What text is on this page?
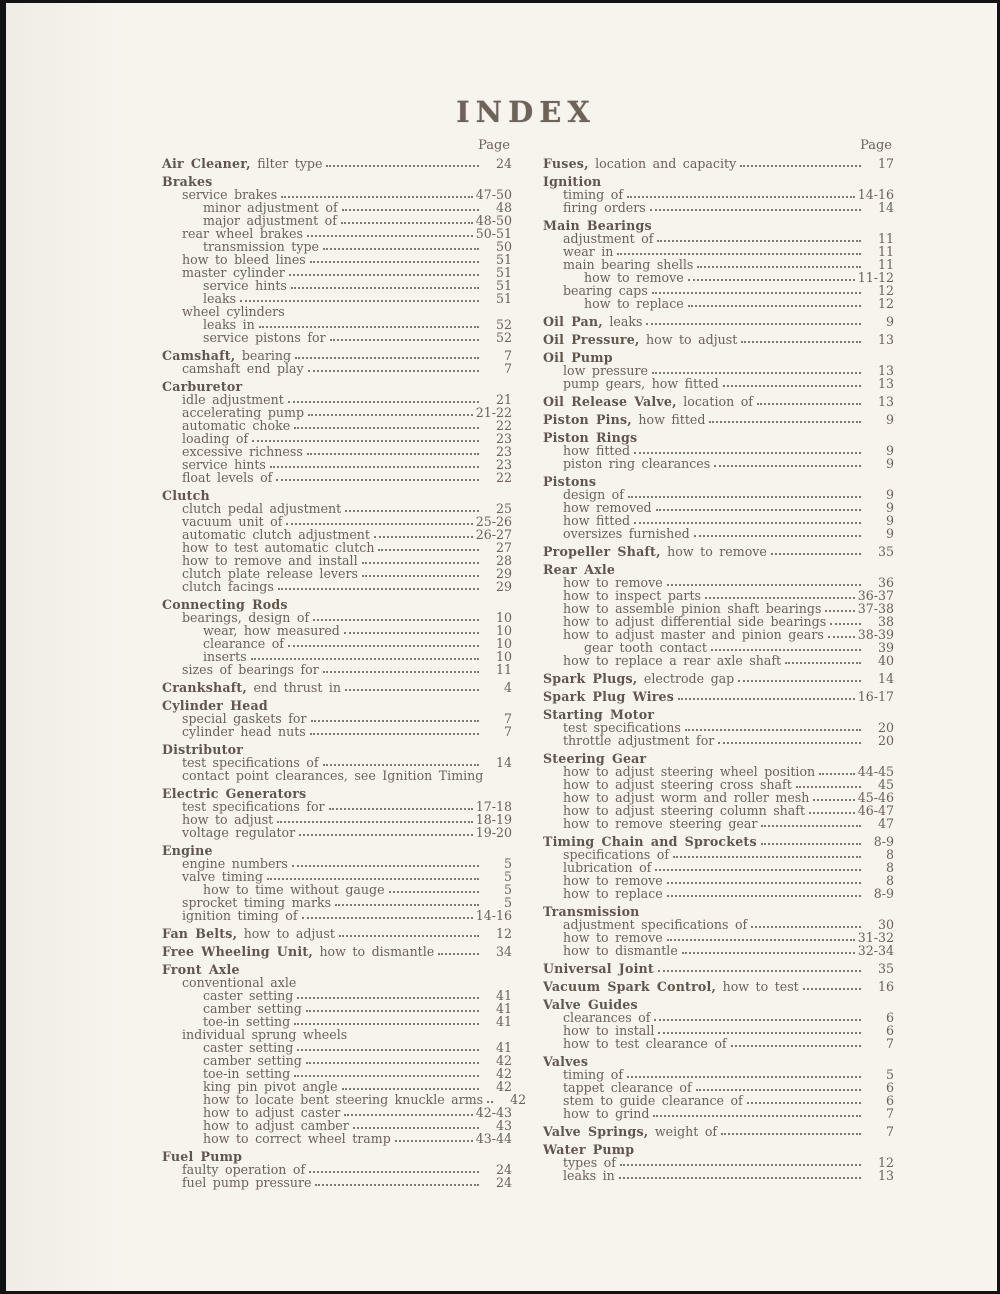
INDEX
Page
Air Cleaner, filter type	24
Brakes
service brakes	47-50
minor adjustment of	48
major adjustment of	48-50
rear wheel brakes	50-51
transmission type	50
how to bleed lines	51
master cylinder	51
service hints	51
leaks	51
wheel cylinders
leaks in	52
service pistons for	52
Camshaft, bearing	7
camshaft end play	7
Carburetor
idle adjustment	21
accelerating pump	21-22
automatic choke	22
loading of	23
excessive richness	23
service hints	23
float levels of	22
Clutch
clutch pedal adjustment	25
vacuum unit of	25-26
automatic clutch adjustment	26-27
how to test automatic clutch	27
how to remove and install	28
clutch plate release levers	29
clutch facings	29
Connecting Rods
bearings, design of	10
wear, how measured	10
clearance of	10
inserts	10
sizes of bearings for	11
Crankshaft, end thrust in	4
Cylinder Head
special gaskets for	7
cylinder head nuts	7
Distributor
test specifications of	14
contact point clearances, see Ignition Timing
Electric Generators
test specifications for	17-18
how to adjust	18-19
voltage regulator	19-20
Engine
engine numbers	5
valve timing	5
how to time without gauge	5
sprocket timing marks	5
ignition timing of	14-16
Fan Belts, how to adjust	12
Free Wheeling Unit, how to dismantle	34
Front Axle
conventional axle
caster setting	41
camber setting	41
toe-in setting	41
individual sprung wheels
caster setting	41
camber setting	42
toe-in setting	42
king pin pivot angle	42
how to locate bent steering knuckle arms	42
how to adjust caster	42-43
how to adjust camber	43
how to correct wheel tramp	43-44
Fuel Pump
faulty operation of	24
fuel pump pressure	24
Page
Fuses, location and capacity	17
Ignition
timing of	14-16
firing orders	14
Main Bearings
adjustment of	11
wear in	11
main bearing shells	11
how to remove	11-12
bearing caps	12
how to replace	12
Oil Pan, leaks	9
Oil Pressure, how to adjust	13
Oil Pump
low pressure	13
pump gears, how fitted	13
Oil Release Valve, location of	13
Piston Pins, how fitted	9
Piston Rings
how fitted	9
piston ring clearances	9
Pistons
design of	9
how removed	9
how fitted	9
oversizes furnished	9
Propeller Shaft, how to remove	35
Rear Axle
how to remove	36
how to inspect parts	36-37
how to assemble pinion shaft bearings	37-38
how to adjust differential side bearings	38
how to adjust master and pinion gears	38-39
gear tooth contact	39
how to replace a rear axle shaft	40
Spark Plugs, electrode gap	14
Spark Plug Wires	16-17
Starting Motor
test specifications	20
throttle adjustment for	20
Steering Gear
how to adjust steering wheel position	44-45
how to adjust steering cross shaft	45
how to adjust worm and roller mesh	45-46
how to adjust steering column shaft	46-47
how to remove steering gear	47
Timing Chain and Sprockets	8-9
specifications of	8
lubrication of	8
how to remove	8
how to replace	8-9
Transmission
adjustment specifications of	30
how to remove	31-32
how to dismantle	32-34
Universal Joint	35
Vacuum Spark Control, how to test	16
Valve Guides
clearances of	6
how to install	6
how to test clearance of	7
Valves
timing of	5
tappet clearance of	6
stem to guide clearance of	6
how to grind	7
Valve Springs, weight of	7
Water Pump
types of	12
leaks in	13
